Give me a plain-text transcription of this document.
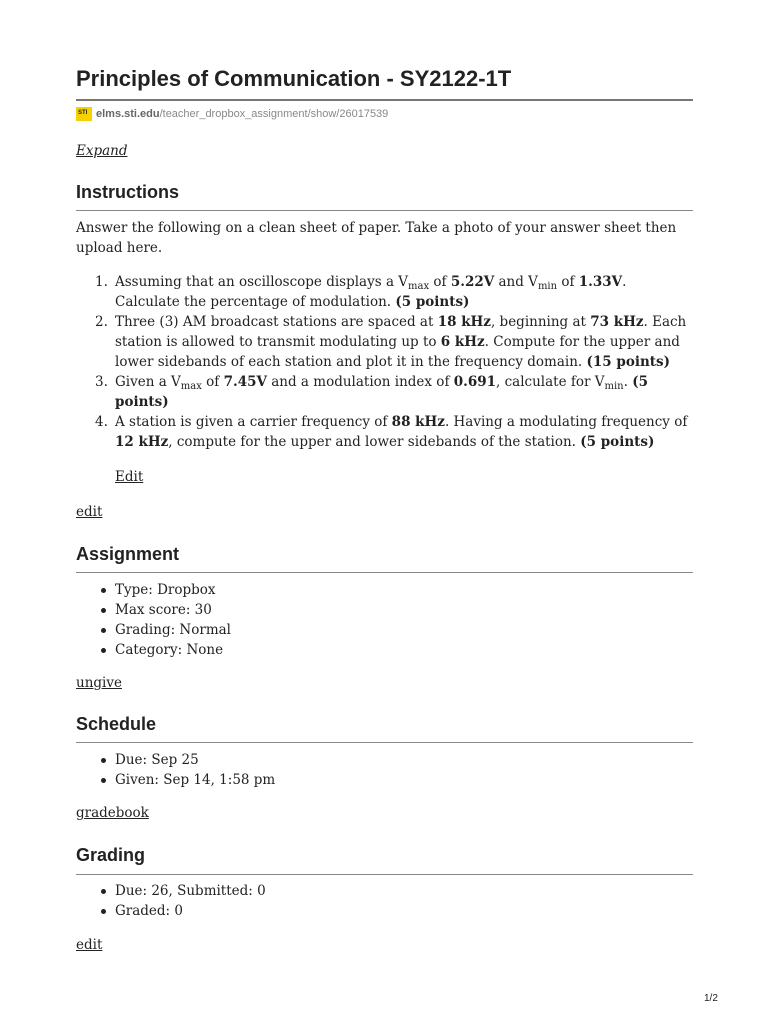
Principles of Communication - SY2122-1T
STI elms.sti.edu /teacher_dropbox_assignment/show/26017539
Expand
Instructions
Answer the following on a clean sheet of paper. Take a photo of your answer sheet then upload here.
1. Assuming that an oscilloscope displays a $V_{max}$ of 5.22V and $V_{min}$ of 1.33V. Calculate the percentage of modulation. (5 points)
2. Three (3) AM broadcast stations are spaced at 18 kHz, beginning at 73 kHz. Each station is allowed to transmit modulating up to 6 kHz. Compute for the upper and lower sidebands of each station and plot it in the frequency domain. (15 points)
3. Given a $V_{max}$ of 7.45V and a modulation index of 0.691, calculate for $V_{min}$. (5 points)
4. A station is given a carrier frequency of 88 kHz. Having a modulating frequency of 12 kHz, compute for the upper and lower sidebands of the station. (5 points)
Edit
edit
Assignment
Type: Dropbox
Max score: 30
Grading: Normal
Category: None
ungive
Schedule
Due: Sep 25
Given: Sep 14, 1:58 pm
gradebook
Grading
Due: 26, Submitted: 0
Graded: 0
edit
1/2
